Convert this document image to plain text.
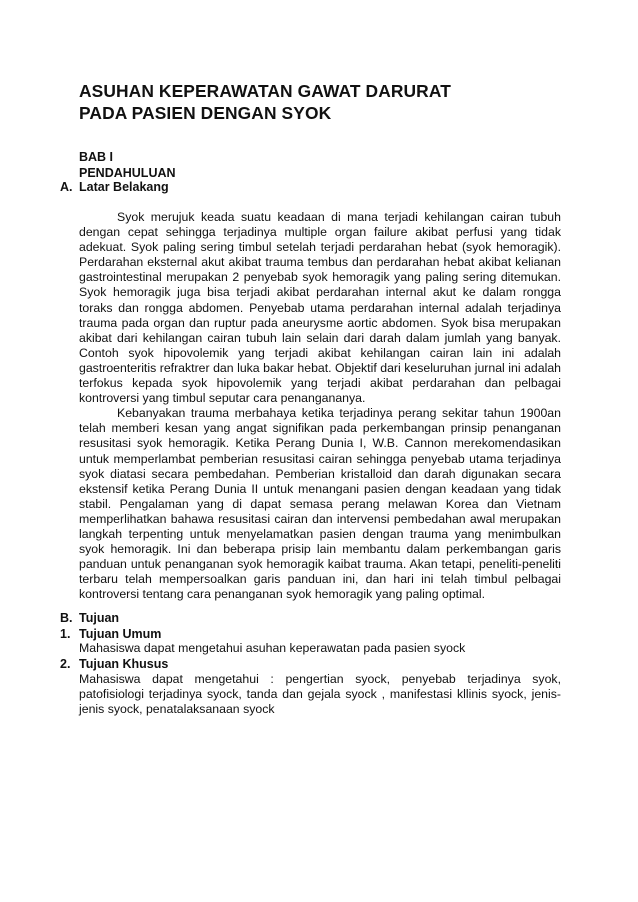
ASUHAN KEPERAWATAN GAWAT DARURAT
PADA PASIEN DENGAN SYOK
BAB I
PENDAHULUAN
A. Latar Belakang

Syok merujuk keada suatu keadaan di mana terjadi kehilangan cairan tubuh dengan cepat sehingga terjadinya multiple organ failure akibat perfusi yang tidak adekuat. Syok paling sering timbul setelah terjadi perdarahan hebat (syok hemoragik). Perdarahan eksternal akut akibat trauma tembus dan perdarahan hebat akibat kelianan gastrointestinal merupakan 2 penyebab syok hemoragik yang paling sering ditemukan. Syok hemoragik juga bisa terjadi akibat perdarahan internal akut ke dalam rongga toraks dan rongga abdomen. Penyebab utama perdarahan internal adalah terjadinya trauma pada organ dan ruptur pada aneurysme aortic abdomen. Syok bisa merupakan akibat dari kehilangan cairan tubuh lain selain dari darah dalam jumlah yang banyak. Contoh syok hipovolemik yang terjadi akibat kehilangan cairan lain ini adalah gastroenteritis refraktrer dan luka bakar hebat. Objektif dari keseluruhan jurnal ini adalah terfokus kepada syok hipovolemik yang terjadi akibat perdarahan dan pelbagai kontroversi yang timbul seputar cara penangananya.

Kebanyakan trauma merbahaya ketika terjadinya perang sekitar tahun 1900an telah memberi kesan yang angat signifikan pada perkembangan prinsip penanganan resusitasi syok hemoragik. Ketika Perang Dunia I, W.B. Cannon merekomendasikan untuk memperlambat pemberian resusitasi cairan sehingga penyebab utama terjadinya syok diatasi secara pembedahan. Pemberian kristalloid dan darah digunakan secara ekstensif ketika Perang Dunia II untuk menangani pasien dengan keadaan yang tidak stabil. Pengalaman yang di dapat semasa perang melawan Korea dan Vietnam memperlihatkan bahawa resusitasi cairan dan intervensi pembedahan awal merupakan langkah terpenting untuk menyelamatkan pasien dengan trauma yang menimbulkan syok hemoragik. Ini dan beberapa prisip lain membantu dalam perkembangan garis panduan untuk penanganan syok hemoragik kaibat trauma. Akan tetapi, peneliti-peneliti terbaru telah mempersoalkan garis panduan ini, dan hari ini telah timbul pelbagai kontroversi tentang cara penanganan syok hemoragik yang paling optimal.

B. Tujuan
1. Tujuan Umum
Mahasiswa dapat mengetahui asuhan keperawatan pada pasien syock
2. Tujuan Khusus
Mahasiswa dapat mengetahui : pengertian syock, penyebab terjadinya syok, patofisiologi terjadinya syock, tanda dan gejala syock , manifestasi kllinis syock, jenis-jenis syock, penatalaksanaan syock
